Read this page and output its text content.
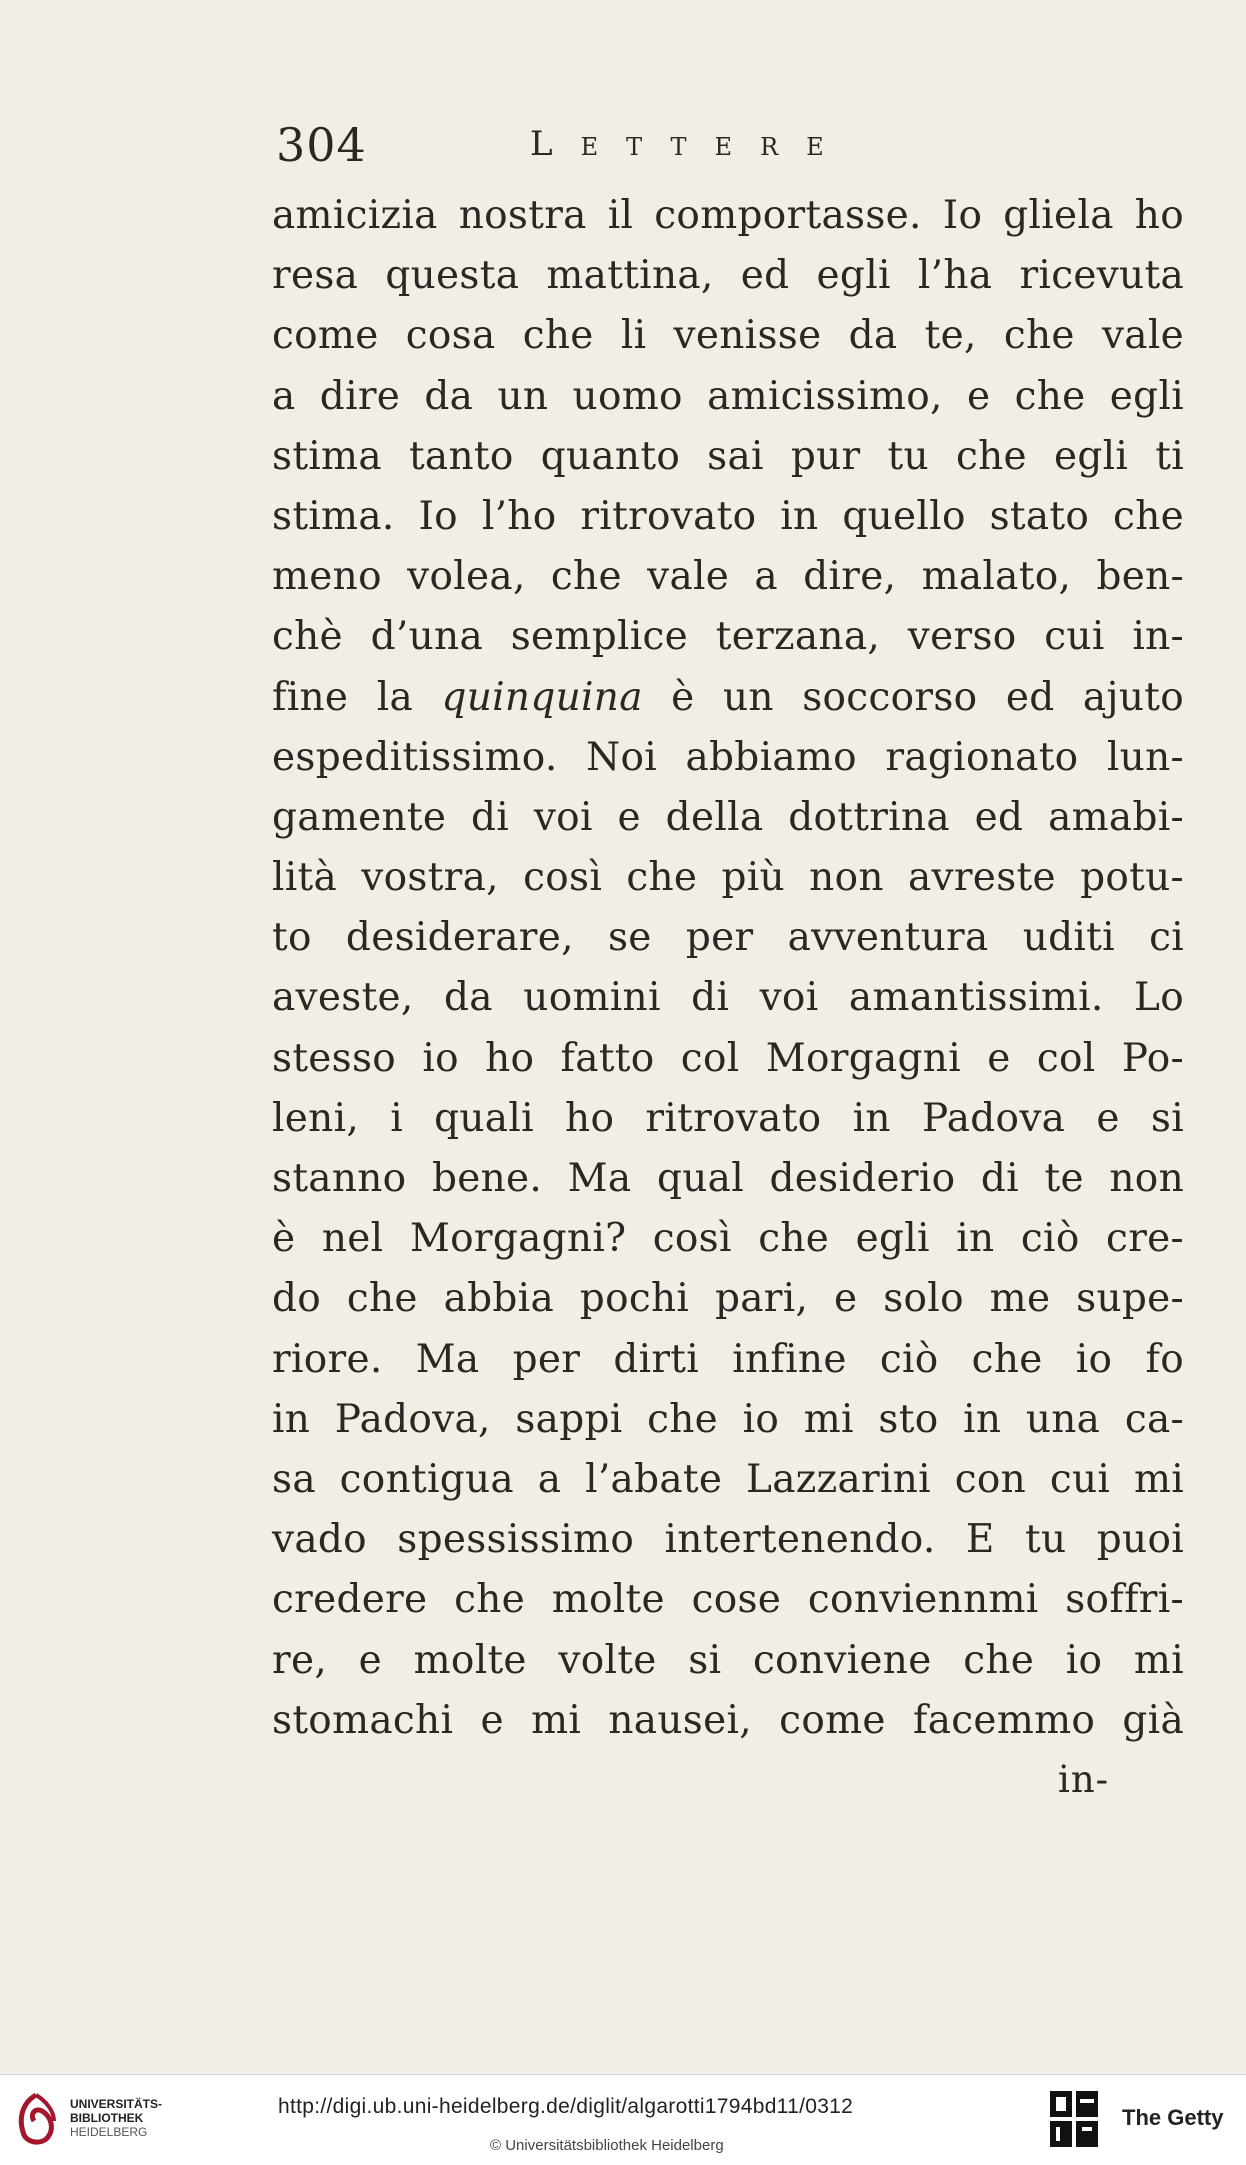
304	Lettere
amicizia nostra il comportasse. Io gliela ho
resa questa mattina, ed egli l’ha ricevuta
come cosa che li venisse da te, che vale
a dire da un uomo amicissimo, e che egli
stima tanto quanto sai pur tu che egli ti
stima. Io l’ho ritrovato in quello stato che
meno volea, che vale a dire, malato, ben-
chè d’una semplice terzana, verso cui in-
fine la quinquina è un soccorso ed ajuto
espeditissimo. Noi abbiamo ragionato lun-
gamente di voi e della dottrina ed amabi-
lità vostra, così che più non avreste potu-
to desiderare, se per avventura uditi ci
aveste, da uomini di voi amantissimi. Lo
stesso io ho fatto col Morgagni e col Po-
leni, i quali ho ritrovato in Padova e si
stanno bene. Ma qual desiderio di te non
è nel Morgagni? così che egli in ciò cre-
do che abbia pochi pari, e solo me supe-
riore. Ma per dirti infine ciò che io fo
in Padova, sappi che io mi sto in una ca-
sa contigua a l’abate Lazzarini con cui mi
vado spessissimo intertenendo. E tu puoi
credere che molte cose conviennmi soffri-
re, e molte volte si conviene che io mi
stomachi e mi nausei, come facemmo già
in-
UNIVERSITÄTS-
BIBLIOTHEK
HEIDELBERG
http://digi.ub.uni-heidelberg.de/diglit/algarotti1794bd11/0312
© Universitätsbibliothek Heidelberg
The Getty
